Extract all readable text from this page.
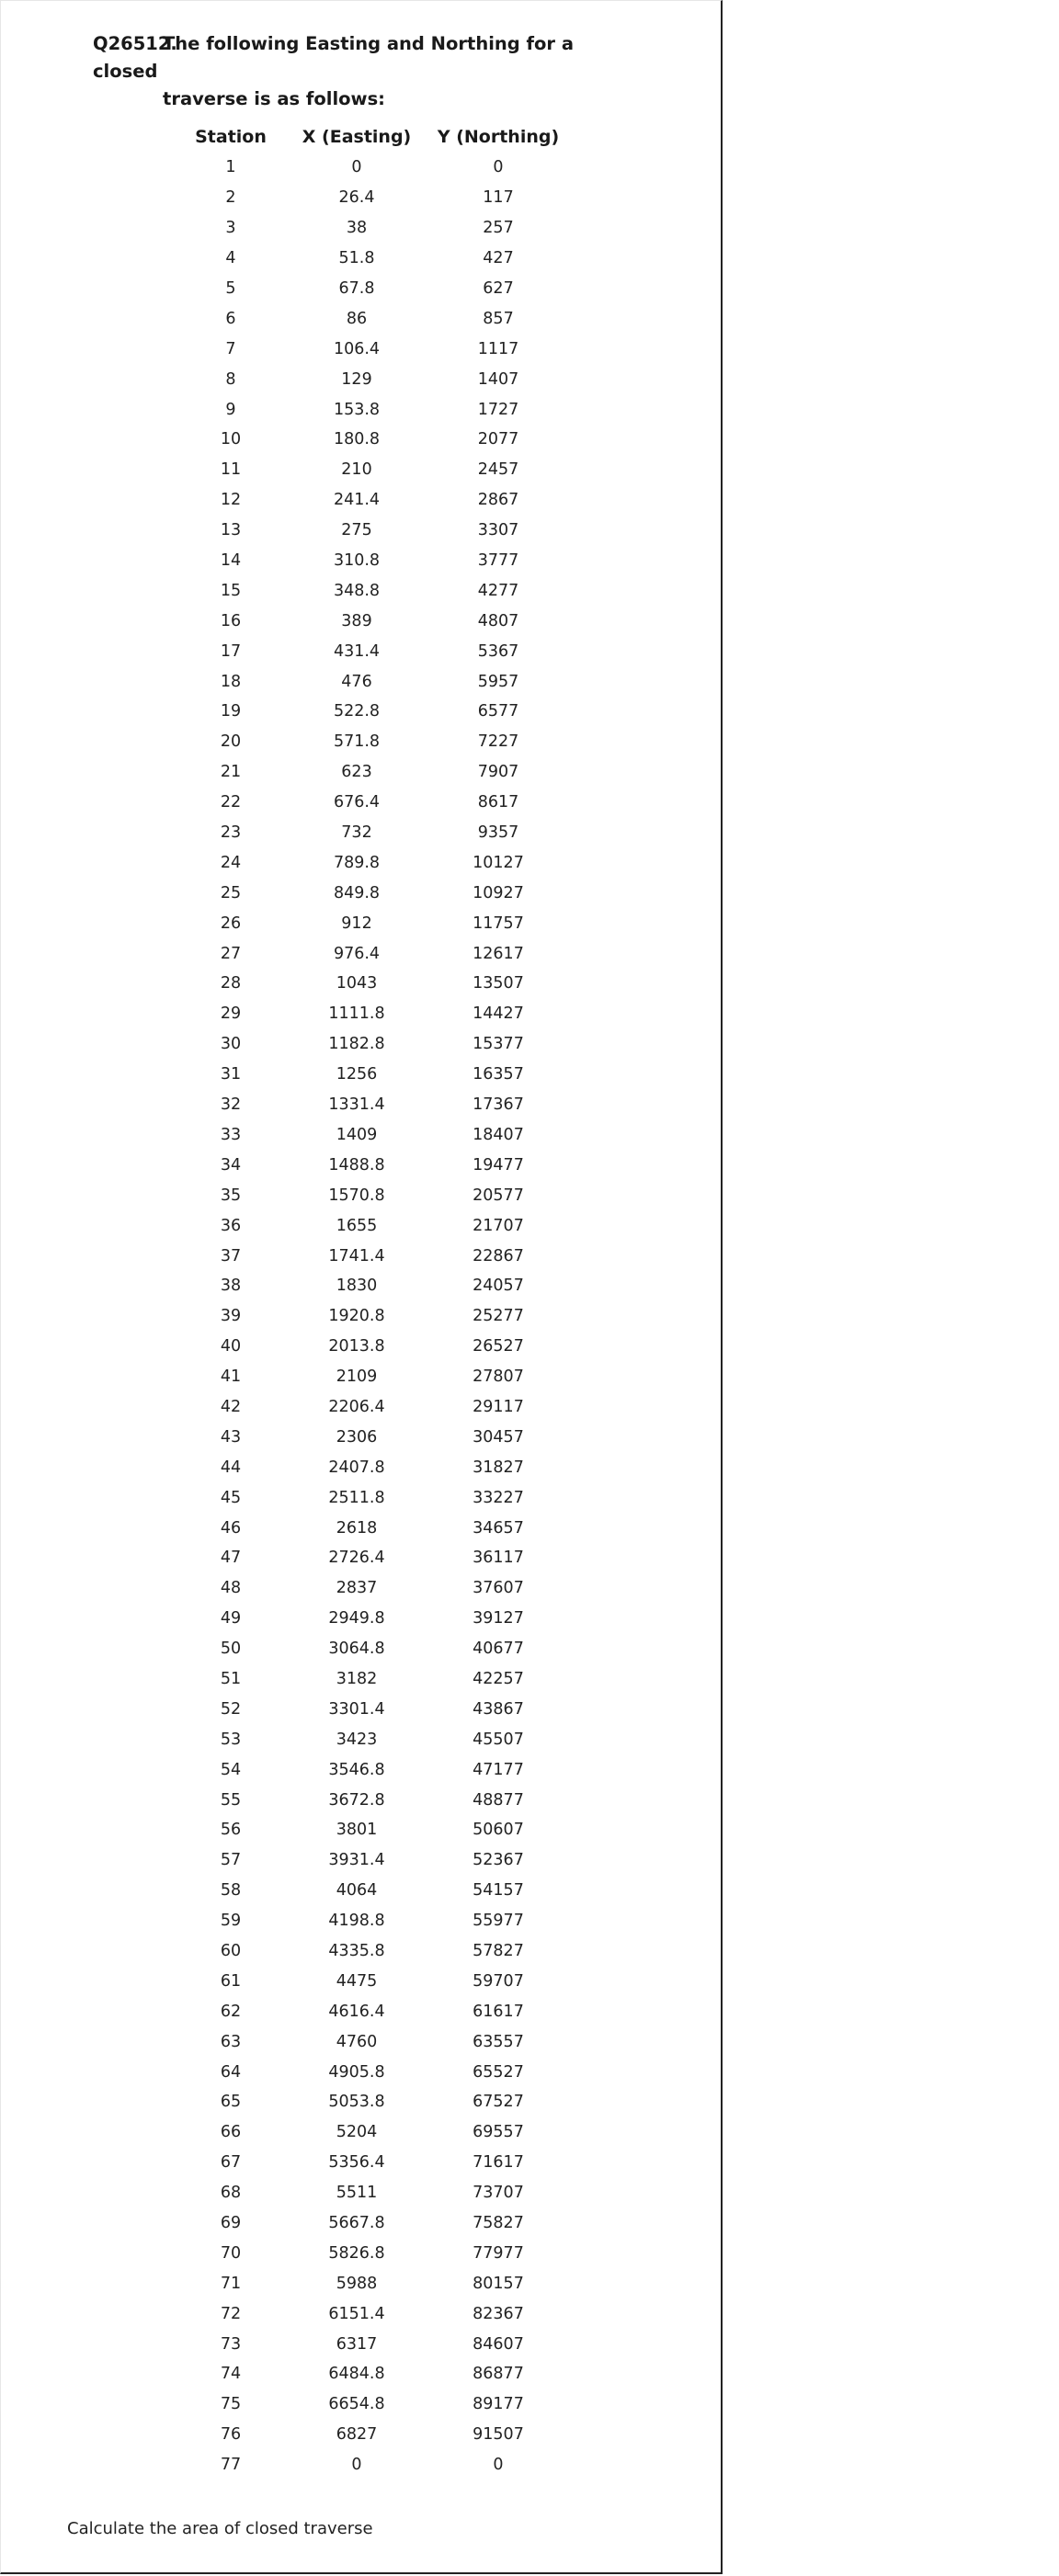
Q26512.The following Easting and Northing for a closed
traverse is as follows:
Station	X (Easting)	Y (Northing)
1	0	0
2	26.4	117
3	38	257
4	51.8	427
5	67.8	627
6	86	857
7	106.4	1117
8	129	1407
9	153.8	1727
10	180.8	2077
11	210	2457
12	241.4	2867
13	275	3307
14	310.8	3777
15	348.8	4277
16	389	4807
17	431.4	5367
18	476	5957
19	522.8	6577
20	571.8	7227
21	623	7907
22	676.4	8617
23	732	9357
24	789.8	10127
25	849.8	10927
26	912	11757
27	976.4	12617
28	1043	13507
29	1111.8	14427
30	1182.8	15377
31	1256	16357
32	1331.4	17367
33	1409	18407
34	1488.8	19477
35	1570.8	20577
36	1655	21707
37	1741.4	22867
38	1830	24057
39	1920.8	25277
40	2013.8	26527
41	2109	27807
42	2206.4	29117
43	2306	30457
44	2407.8	31827
45	2511.8	33227
46	2618	34657
47	2726.4	36117
48	2837	37607
49	2949.8	39127
50	3064.8	40677
51	3182	42257
52	3301.4	43867
53	3423	45507
54	3546.8	47177
55	3672.8	48877
56	3801	50607
57	3931.4	52367
58	4064	54157
59	4198.8	55977
60	4335.8	57827
61	4475	59707
62	4616.4	61617
63	4760	63557
64	4905.8	65527
65	5053.8	67527
66	5204	69557
67	5356.4	71617
68	5511	73707
69	5667.8	75827
70	5826.8	77977
71	5988	80157
72	6151.4	82367
73	6317	84607
74	6484.8	86877
75	6654.8	89177
76	6827	91507
77	0	0
Calculate the area of closed traverse
